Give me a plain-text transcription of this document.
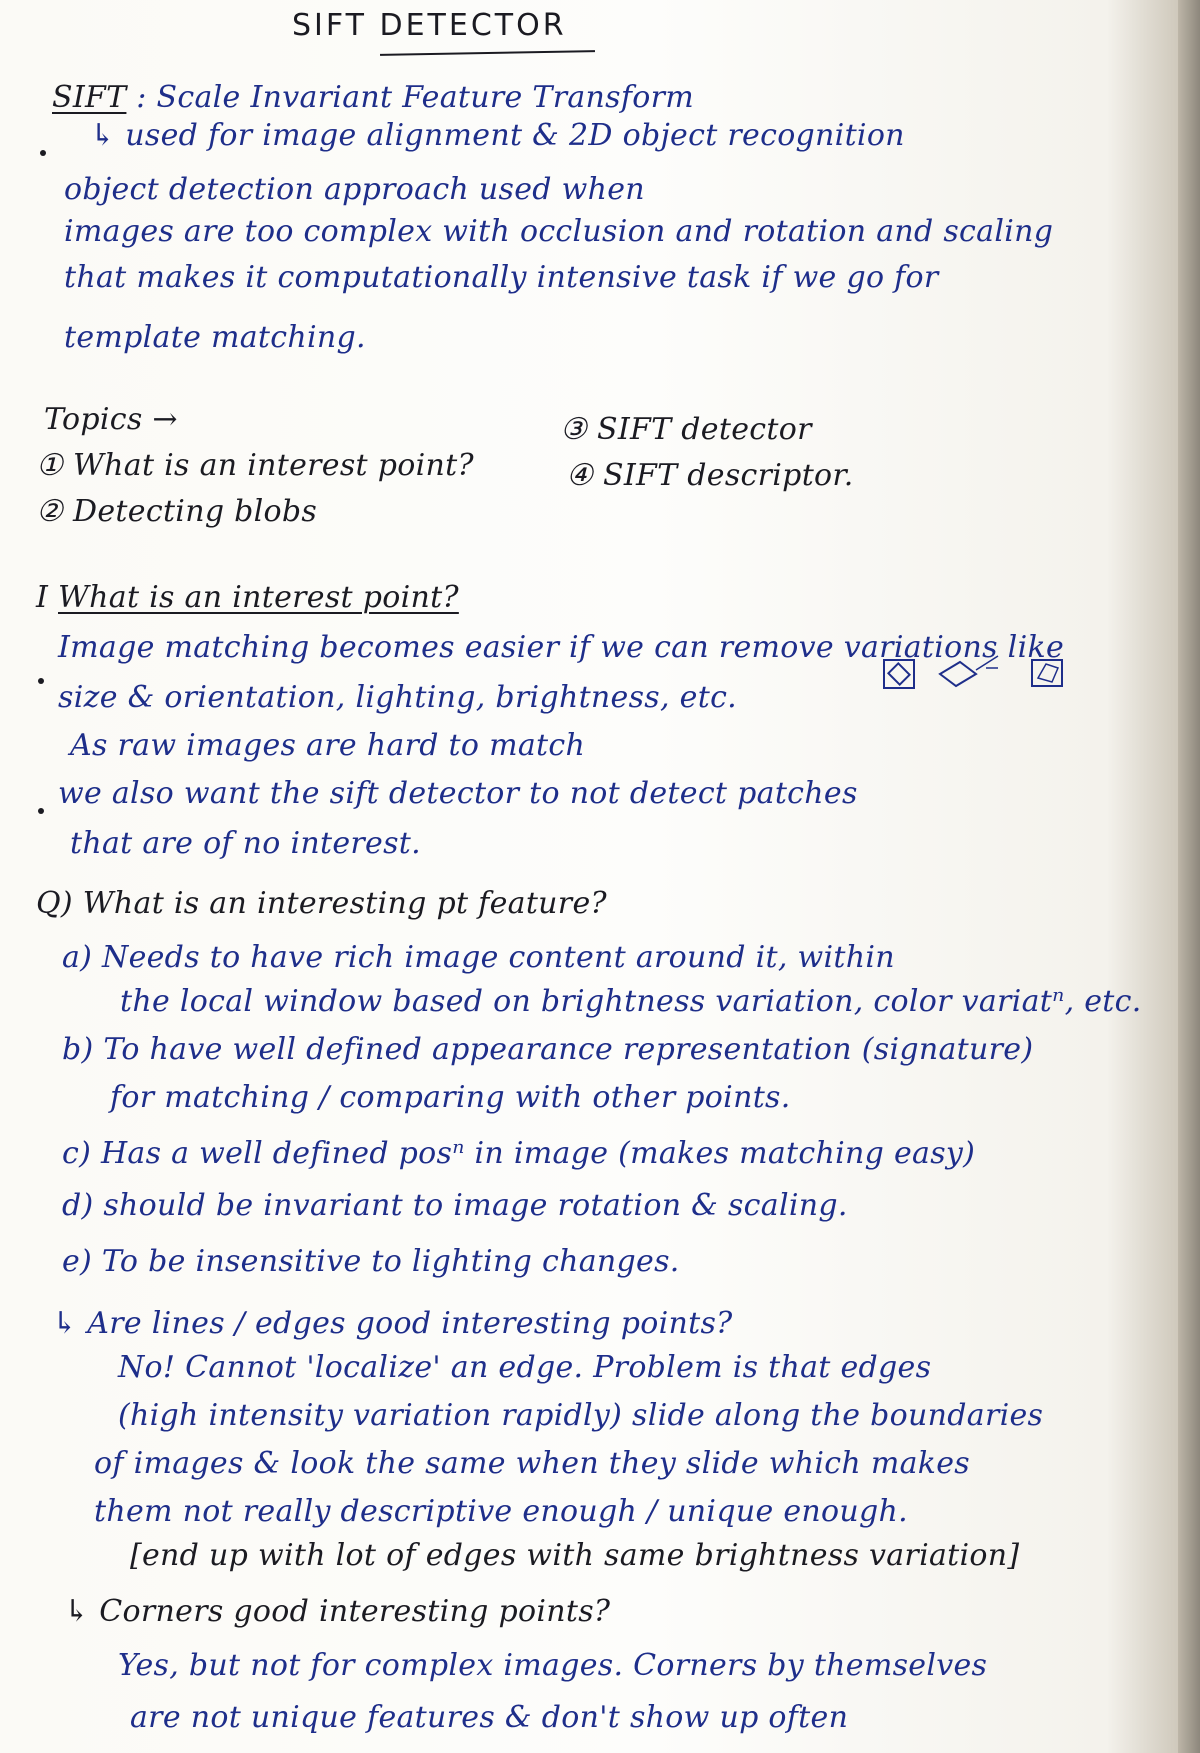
SIFT DETECTOR
SIFT : Scale Invariant Feature Transform
↳ used for image alignment & 2D object recognition
object detection approach used when
images are too complex with occlusion and rotation and scaling
that makes it computationally intensive task if we go for
template matching.
Topics →
① What is an interest point?
② Detecting blobs
③ SIFT detector
④ SIFT descriptor.
I What is an interest point?
Image matching becomes easier if we can remove variations like
size & orientation, lighting, brightness, etc.
As raw images are hard to match
we also want the sift detector to not detect patches
that are of no interest.
Q) What is an interesting pt feature?
a) Needs to have rich image content around it, within
the local window based on brightness variation, color variatⁿ, etc.
b) To have well defined appearance representation (signature)
for matching / comparing with other points.
c) Has a well defined posⁿ in image (makes matching easy)
d) should be invariant to image rotation & scaling.
e) To be insensitive to lighting changes.
↳ Are lines / edges good interesting points?
No! Cannot 'localize' an edge. Problem is that edges
(high intensity variation rapidly) slide along the boundaries
of images & look the same when they slide which makes
them not really descriptive enough / unique enough.
[end up with lot of edges with same brightness variation]
↳ Corners good interesting points?
Yes, but not for complex images. Corners by themselves
are not unique features & don't show up often
